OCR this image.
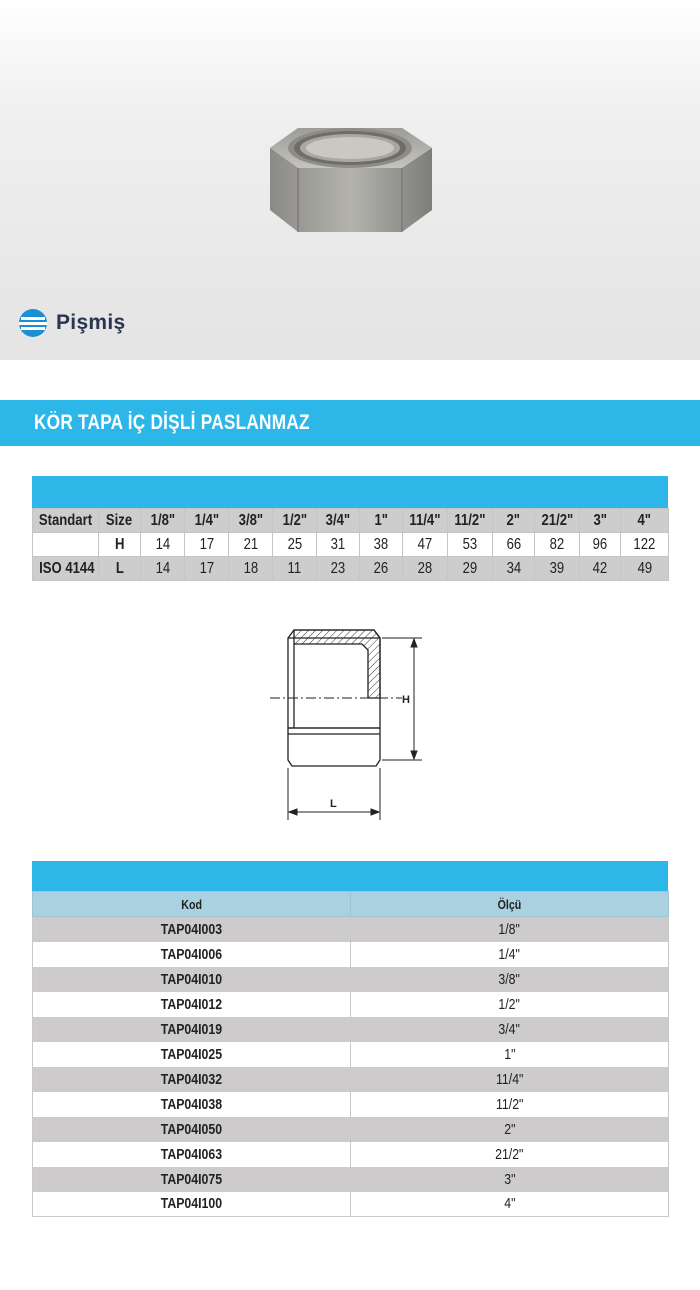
Pişmiş
KÖR TAPA İÇ DİŞLİ PASLANMAZ
Standart	Size	1/8"	1/4"	3/8"	1/2"	3/4"	1"	11/4"	11/2"	2"	21/2"	3"	4"
	H	14	17	21	25	31	38	47	53	66	82	96	122
ISO 4144	L	14	17	18	11	23	26	28	29	34	39	42	49
H
L
Kod	Ölçü
TAP04I003	1/8"
TAP04I006	1/4"
TAP04I010	3/8"
TAP04I012	1/2"
TAP04I019	3/4"
TAP04I025	1"
TAP04I032	11/4"
TAP04I038	11/2"
TAP04I050	2"
TAP04I063	21/2"
TAP04I075	3"
TAP04I100	4"
